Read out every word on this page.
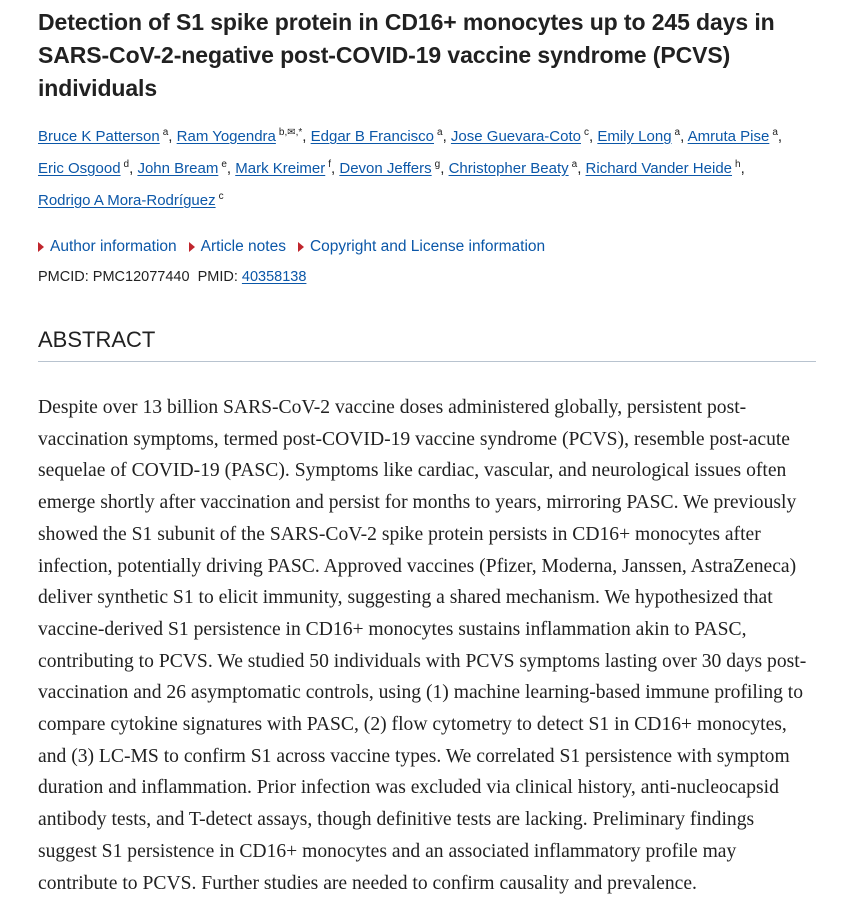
Detection of S1 spike protein in CD16+ monocytes up to 245 days in SARS-CoV-2-negative post-COVID-19 vaccine syndrome (PCVS) individuals
Bruce K Patterson $^a$, Ram Yogendra $^{b,✉,*}$, Edgar B Francisco $^a$, Jose Guevara-Coto $^c$, Emily Long $^a$, Amruta Pise $^a$,
Eric Osgood $^d$, John Bream $^e$, Mark Kreimer $^f$, Devon Jeffers $^g$, Christopher Beaty $^a$, Richard Vander Heide $^h$,
Rodrigo A Mora-Rodríguez $^c$
Author information Article notes Copyright and License information
PMCID: PMC12077440 PMID: 40358138
ABSTRACT

Despite over 13 billion SARS-CoV-2 vaccine doses administered globally, persistent post-vaccination symptoms, termed post-COVID-19 vaccine syndrome (PCVS), resemble post-acute sequelae of COVID-19 (PASC). Symptoms like cardiac, vascular, and neurological issues often emerge shortly after vaccination and persist for months to years, mirroring PASC. We previously showed the S1 subunit of the SARS-CoV-2 spike protein persists in CD16+ monocytes after infection, potentially driving PASC. Approved vaccines (Pfizer, Moderna, Janssen, AstraZeneca) deliver synthetic S1 to elicit immunity, suggesting a shared mechanism. We hypothesized that vaccine-derived S1 persistence in CD16+ monocytes sustains inflammation akin to PASC, contributing to PCVS. We studied 50 individuals with PCVS symptoms lasting over 30 days post-vaccination and 26 asymptomatic controls, using (1) machine learning-based immune profiling to compare cytokine signatures with PASC, (2) flow cytometry to detect S1 in CD16+ monocytes, and (3) LC-MS to confirm S1 across vaccine types. We correlated S1 persistence with symptom duration and inflammation. Prior infection was excluded via clinical history, anti-nucleocapsid antibody tests, and T-detect assays, though definitive tests are lacking. Preliminary findings suggest S1 persistence in CD16+ monocytes and an associated inflammatory profile may contribute to PCVS. Further studies are needed to confirm causality and prevalence.
